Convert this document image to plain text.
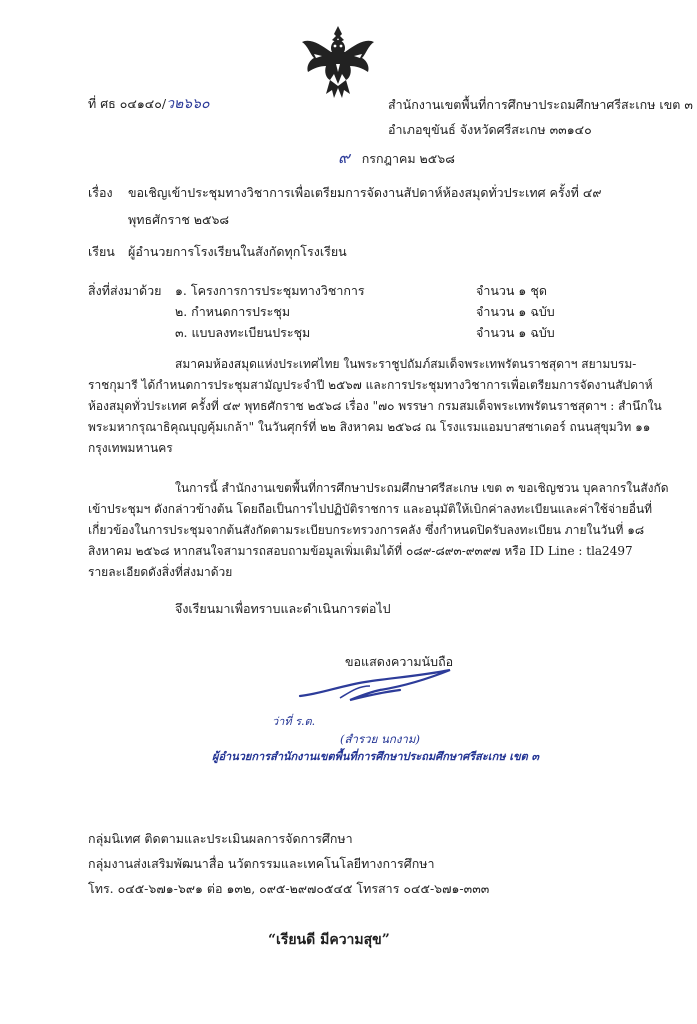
ที่ ศธ ๐๔๑๔๐/ว๒๖๖๐	สำนักงานเขตพื้นที่การศึกษาประถมศึกษาศรีสะเกษ เขต ๓
อำเภอขุขันธ์ จังหวัดศรีสะเกษ ๓๓๑๔๐
๙ กรกฎาคม ๒๕๖๘
เรื่อง ขอเชิญเข้าประชุมทางวิชาการเพื่อเตรียมการจัดงานสัปดาห์ห้องสมุดทั่วประเทศ ครั้งที่ ๔๙
พุทธศักราช ๒๕๖๘
เรียน ผู้อำนวยการโรงเรียนในสังกัดทุกโรงเรียน
สิ่งที่ส่งมาด้วย ๑. โครงการการประชุมทางวิชาการ	จำนวน ๑ ชุด
๒. กำหนดการประชุม	จำนวน ๑ ฉบับ
๓. แบบลงทะเบียนประชุม	จำนวน ๑ ฉบับ
สมาคมห้องสมุดแห่งประเทศไทย ในพระราชูปถัมภ์สมเด็จพระเทพรัตนราชสุดาฯ สยามบรม-
ราชกุมารี ได้กำหนดการประชุมสามัญประจำปี ๒๕๖๗ และการประชุมทางวิชาการเพื่อเตรียมการจัดงานสัปดาห์
ห้องสมุดทั่วประเทศ ครั้งที่ ๔๙ พุทธศักราช ๒๕๖๘ เรื่อง "๗๐ พรรษา กรมสมเด็จพระเทพรัตนราชสุดาฯ : สำนึกใน
พระมหากรุณาธิคุณบุญคุ้มเกล้า" ในวันศุกร์ที่ ๒๒ สิงหาคม ๒๕๖๘ ณ โรงแรมแอมบาสซาเดอร์ ถนนสุขุมวิท ๑๑
กรุงเทพมหานคร
ในการนี้ สำนักงานเขตพื้นที่การศึกษาประถมศึกษาศรีสะเกษ เขต ๓ ขอเชิญชวน บุคลากรในสังกัด
เข้าประชุมฯ ดังกล่าวข้างต้น โดยถือเป็นการไปปฏิบัติราชการ และอนุมัติให้เบิกค่าลงทะเบียนและค่าใช้จ่ายอื่นที่
เกี่ยวข้องในการประชุมจากต้นสังกัดตามระเบียบกระทรวงการคลัง ซึ่งกำหนดปิดรับลงทะเบียน ภายในวันที่ ๑๘
สิงหาคม ๒๕๖๘ หากสนใจสามารถสอบถามข้อมูลเพิ่มเติมได้ที่ ๐๘๙-๘๙๓-๙๓๙๗ หรือ ID Line : tla2497
รายละเอียดดังสิ่งที่ส่งมาด้วย
จึงเรียนมาเพื่อทราบและดำเนินการต่อไป
ขอแสดงความนับถือ
ว่าที่ ร.ต.
(สำรวย นกงาม)
ผู้อำนวยการสำนักงานเขตพื้นที่การศึกษาประถมศึกษาศรีสะเกษ เขต ๓
กลุ่มนิเทศ ติดตามและประเมินผลการจัดการศึกษา
กลุ่มงานส่งเสริมพัฒนาสื่อ นวัตกรรมและเทคโนโลยีทางการศึกษา
โทร. ๐๔๕-๖๗๑-๖๙๑ ต่อ ๑๓๒, ๐๙๕-๒๙๗๐๕๔๕ โทรสาร ๐๔๕-๖๗๑-๓๓๓
“เรียนดี มีความสุข”
